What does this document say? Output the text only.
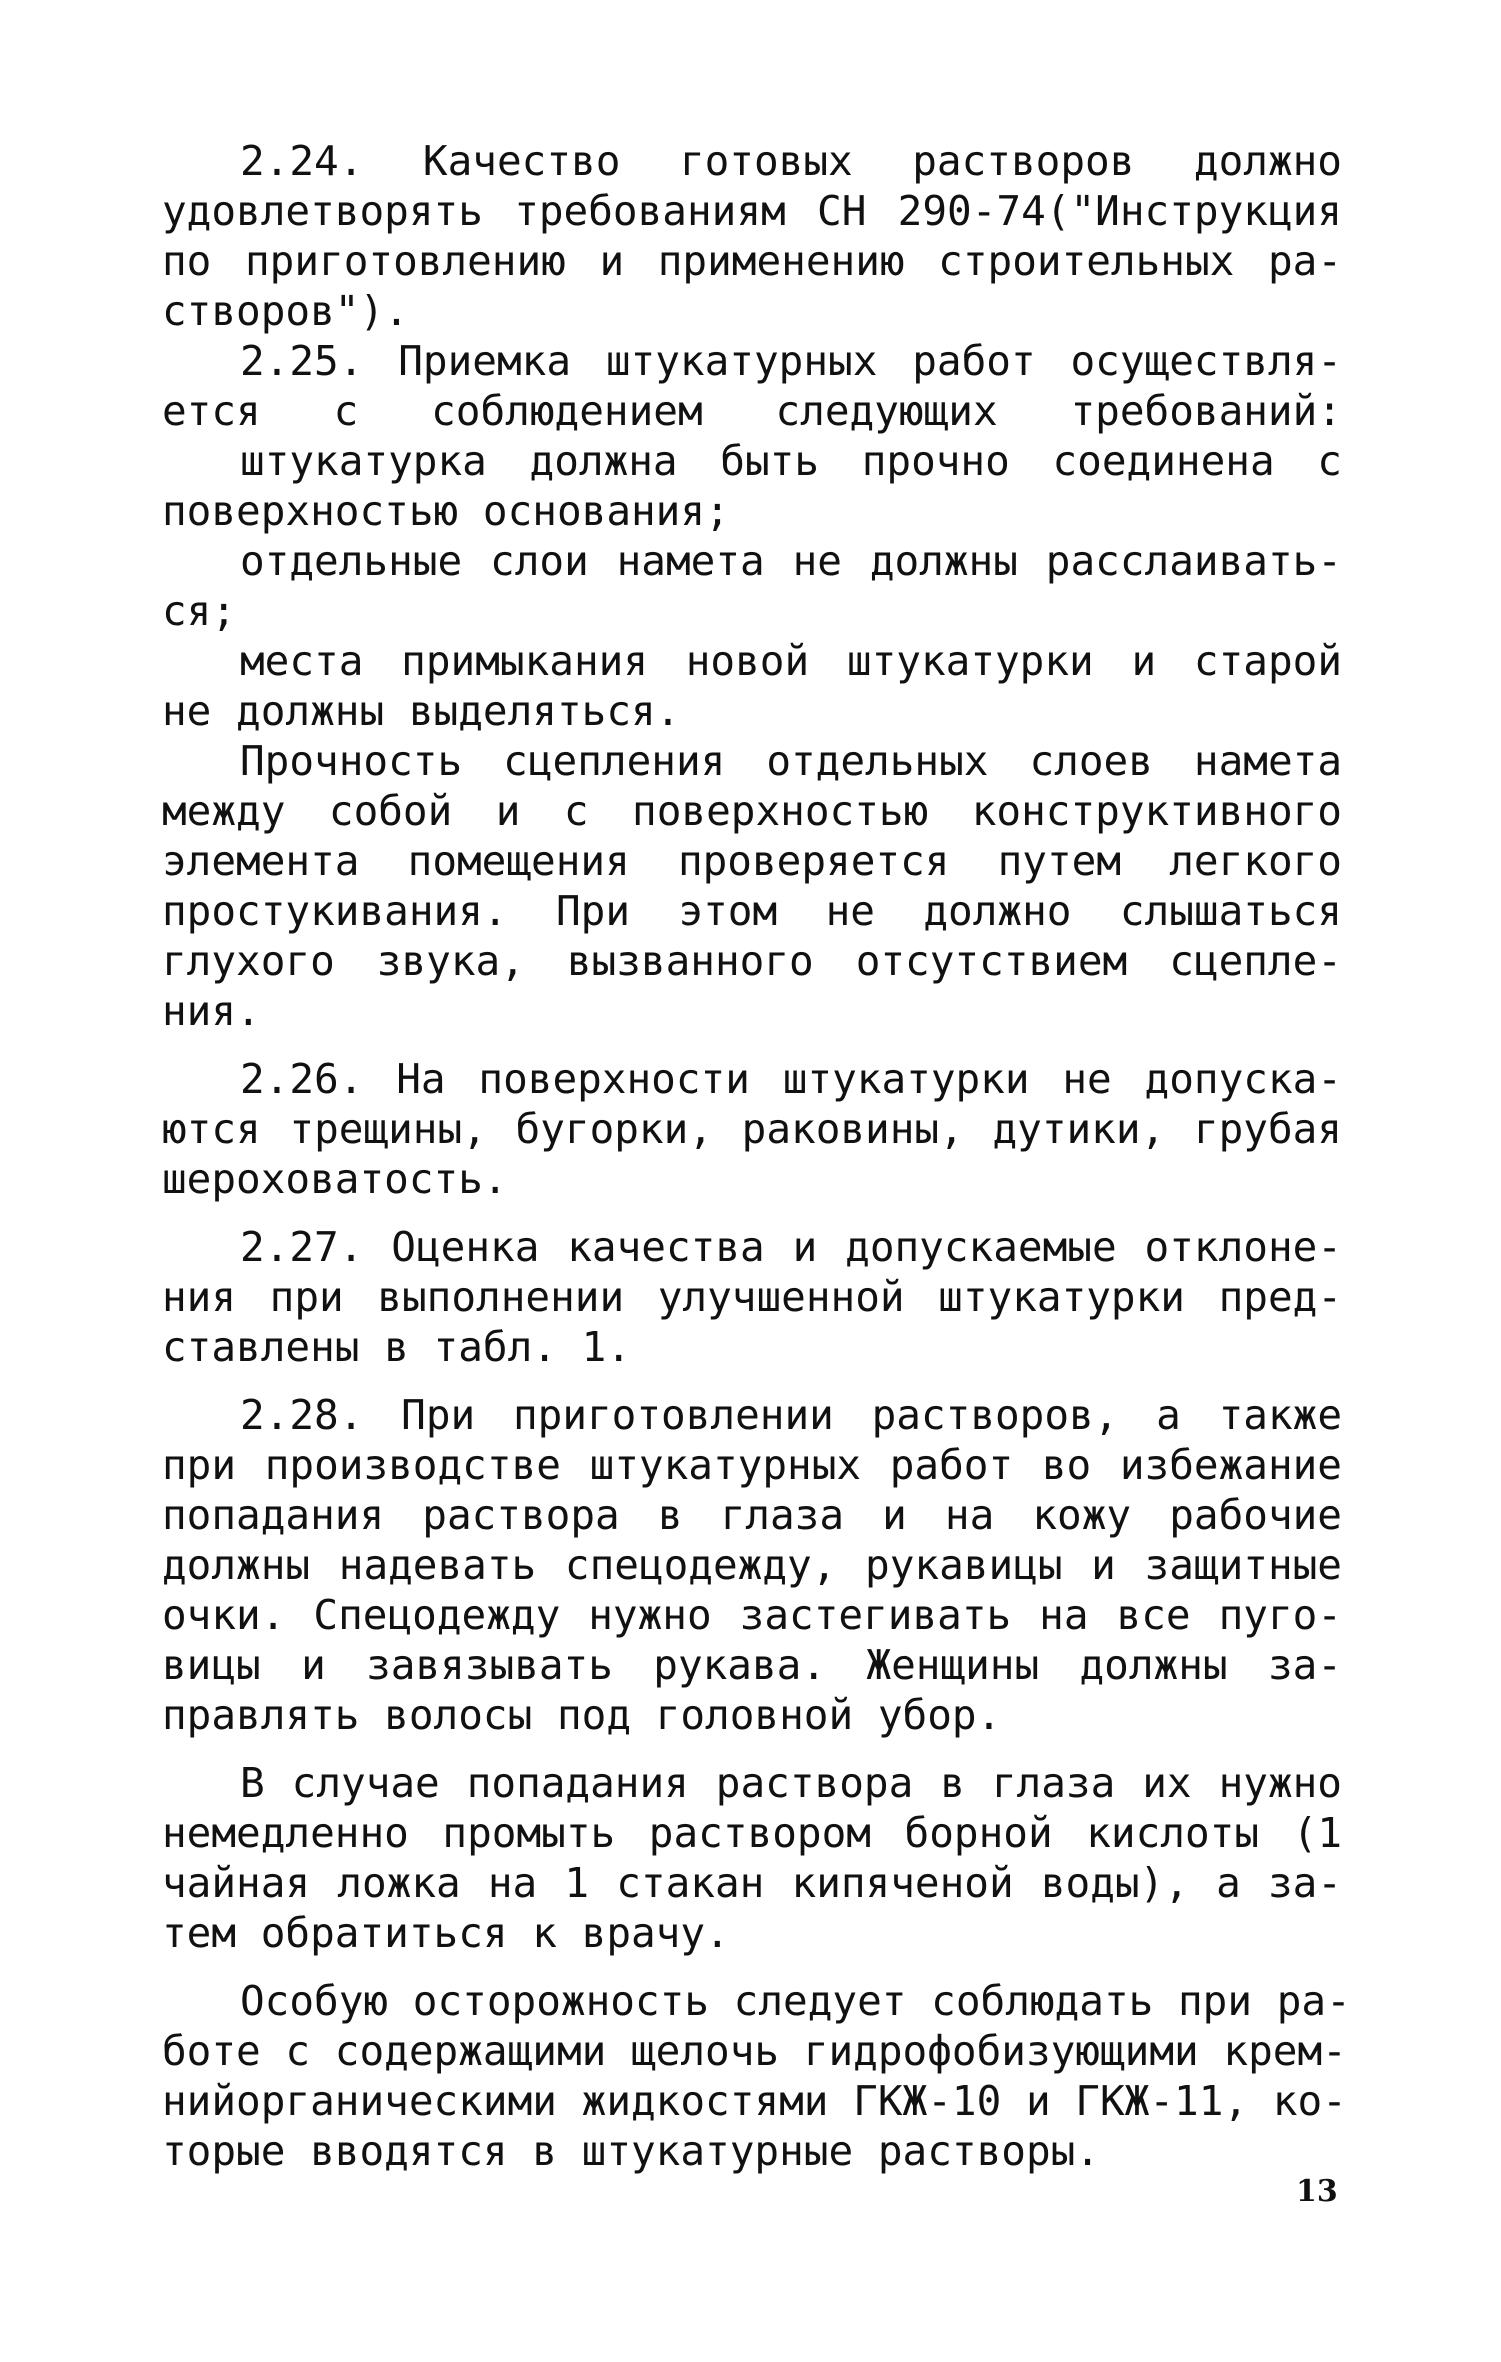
2.24. Качество готовых растворов должно
удовлетворять требованиям СН 290-74("Инструкция
по приготовлению и применению строительных ра-
створов").
2.25. Приемка штукатурных работ осуществля-
ется с соблюдением следующих требований:
штукатурка должна быть прочно соединена с
поверхностью основания;
отдельные слои намета не должны расслаивать-
ся;
места примыкания новой штукатурки и старой
не должны выделяться.
Прочность сцепления отдельных слоев намета
между собой и с поверхностью конструктивного
элемента помещения проверяется путем легкого
простукивания. При этом не должно слышаться
глухого звука, вызванного отсутствием сцепле-
ния.
2.26. На поверхности штукатурки не допуска-
ются трещины, бугорки, раковины, дутики, грубая
шероховатость.
2.27. Оценка качества и допускаемые отклоне-
ния при выполнении улучшенной штукатурки пред-
ставлены в табл. 1.
2.28. При приготовлении растворов, а также
при производстве штукатурных работ во избежание
попадания раствора в глаза и на кожу рабочие
должны надевать спецодежду, рукавицы и защитные
очки. Спецодежду нужно застегивать на все пуго-
вицы и завязывать рукава. Женщины должны за-
правлять волосы под головной убор.
В случае попадания раствора в глаза их нужно
немедленно промыть раствором борной кислоты (1
чайная ложка на 1 стакан кипяченой воды), а за-
тем обратиться к врачу.
Особую осторожность следует соблюдать при ра-
боте с содержащими щелочь гидрофобизующими крем-
нийорганическими жидкостями ГКЖ-10 и ГКЖ-11, ко-
торые вводятся в штукатурные растворы.
13
